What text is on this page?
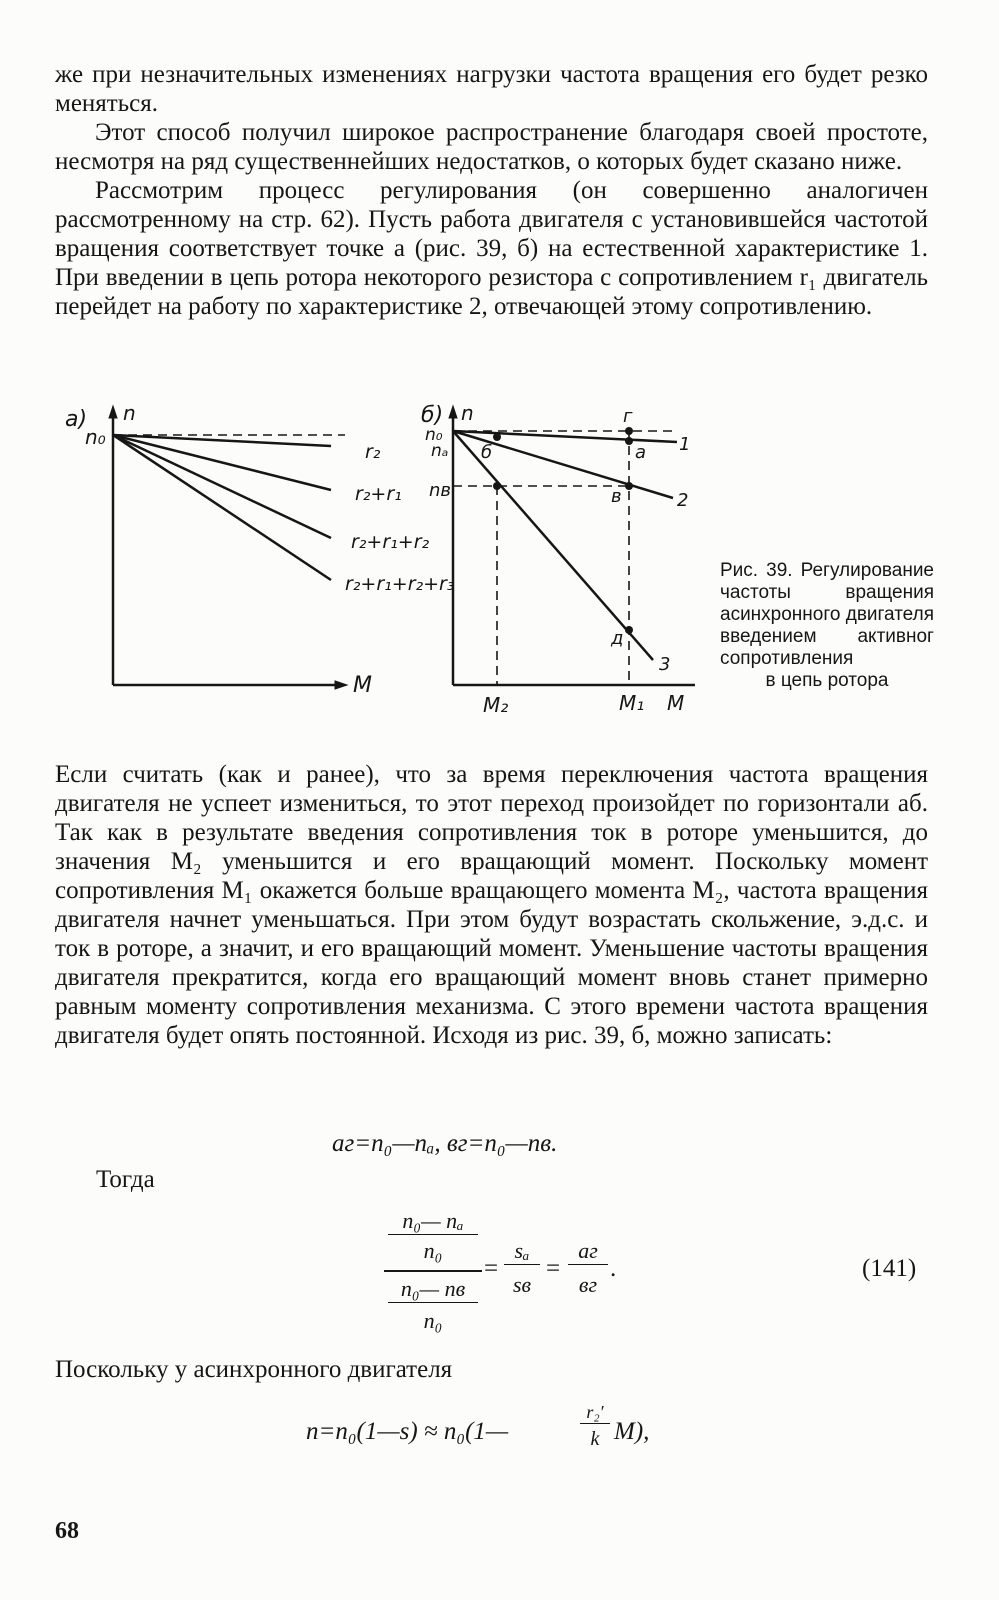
же при незначительных изменениях нагрузки частота вращения его будет резко меняться.

Этот способ получил широкое распространение благодаря своей простоте, несмотря на ряд существеннейших недостатков, о которых будет сказано ниже.

Рассмотрим процесс регулирования (он совершенно аналогичен рассмотренному на стр. 62). Пусть работа двигателя с установившейся частотой вращения соответствует точке а (рис. 39, б) на естественной характеристике 1. При введении в цепь ротора некоторого резистора с сопротивлением r₁ двигатель перейдет на работу по характеристике 2, отвечающей этому сопротивлению.

а) n
n₀
M
r₂
r₂+r₁
r₂+r₁+r₂
r₂+r₁+r₂+r₃
б) n
n₀
nₐ
nв
б
г
а
в
д
1
2
3
M₂	M₁ M
Рис. 39. Регулирование частоты вращения асинхронного двигателя введением активног сопротивления
в цепь ротора

Если считать (как и ранее), что за время переключения частота вращения двигателя не успеет измениться, то этот переход произойдет по горизонтали аб. Так как в результате введения сопротивления ток в роторе уменьшится, до значения M₂ уменьшится и его вращающий момент. Поскольку момент сопротивления M₁ окажется больше вращающего момента M₂, частота вращения двигателя начнет уменьшаться. При этом будут возрастать скольжение, э.д.с. и ток в роторе, а значит, и его вращающий момент. Уменьшение частоты вращения двигателя прекратится, когда его вращающий момент вновь станет примерно равным моменту сопротивления механизма. С этого времени частота вращения двигателя будет опять постоянной. Исходя из рис. 39, б, можно записать:

аг=n₀—nₐ, вг=n₀—nв.
Тогда
n₀— nₐ
n₀
n₀— nв
n₀
=
sₐ
sв
=
аг
вг
.	(141)
Поскольку у асинхронного двигателя
n=n₀(1—s) ≈ n₀(1—
r₂′
k M),
68
